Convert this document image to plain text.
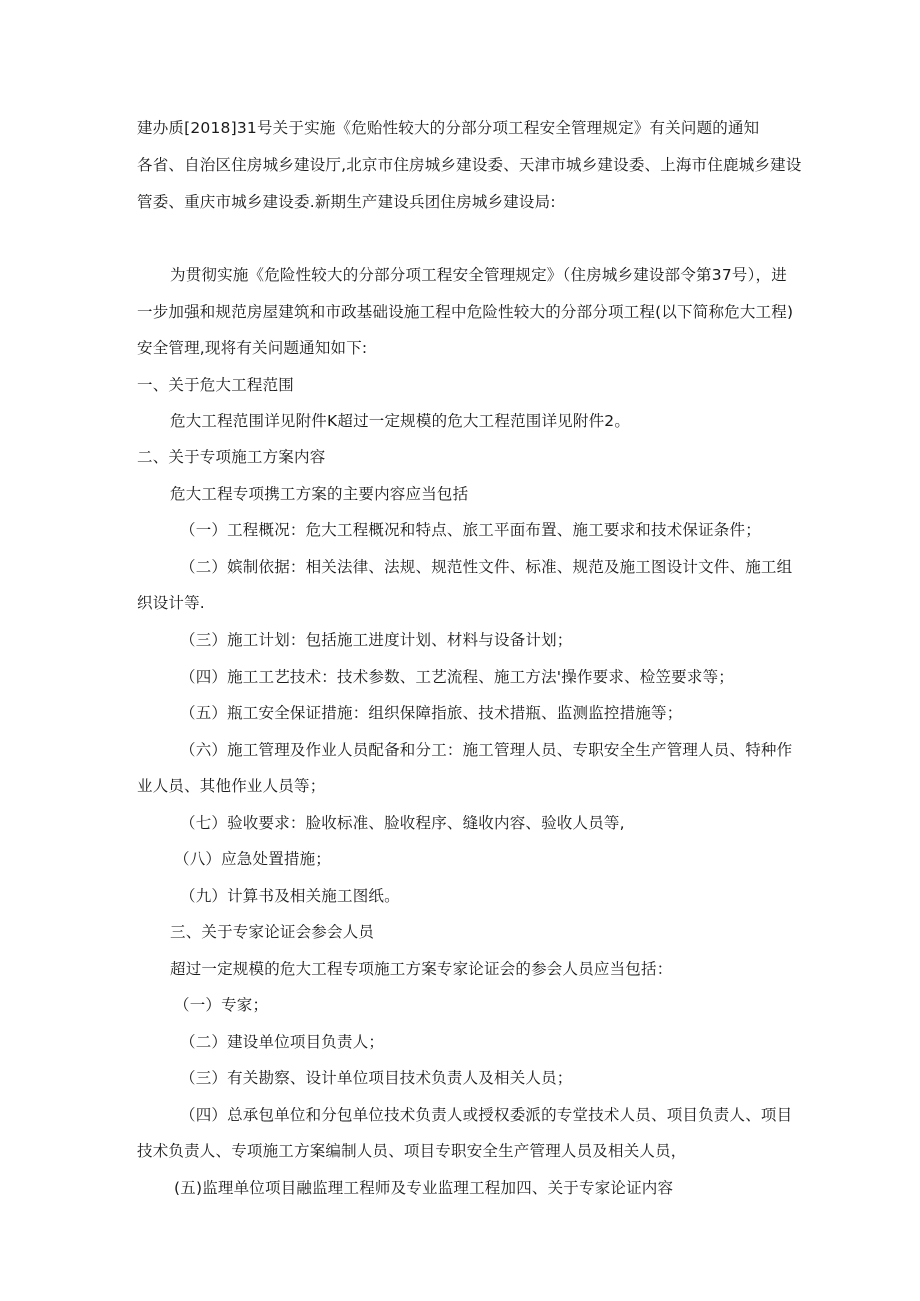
建办质[2018]31号关于实施《危贻性较大的分部分项工程安全管理规定》有关问题的通知
各省、自治区住房城乡建设厅,北京市住房城乡建设委、天津市城乡建设委、上海市住鹿城乡建设
管委、重庆市城乡建设委.新期生产建设兵团住房城乡建设局:
为贯彻实施《危险性较大的分部分项工程安全管理规定》（住房城乡建设部令第37号），进
一步加强和规范房屋建筑和市政基础设施工程中危险性较大的分部分项工程(以下简称危大工程)
安全管理,现将有关问题通知如下:
一、关于危大工程范围
危大工程范围详见附件K超过一定规模的危大工程范围详见附件2。
二、关于专项施工方案内容
危大工程专项携工方案的主要内容应当包括
（一）工程概况：危大工程概况和特点、旅工平面布置、施工要求和技术保证条件；
（二）嫔制依据：相关法律、法规、规范性文件、标准、规范及施工图设计文件、施工组
织设计等.
（三）施工计划：包括施工进度计划、材料与设备计划；
（四）施工工艺技术：技术参数、工艺流程、施工方法'操作要求、检笠要求等；
（五）瓶工安全保证措施：组织保障指旅、技术措瓶、监测监控措施等；
（六）施工管理及作业人员配备和分工：施工管理人员、专职安全生产管理人员、特种作
业人员、其他作业人员等；
（七）验收要求：脸收标准、脸收程序、缝收内容、验收人员等,
（八）应急处置措施；
（九）计算书及相关施工图纸。
三、关于专家论证会参会人员
超过一定规模的危大工程专项施工方案专家论证会的参会人员应当包括：
（一）专家；
（二）建设单位项目负责人；
（三）有关勘察、设计单位项目技术负责人及相关人员；
（四）总承包单位和分包单位技术负责人或授权委派的专堂技术人员、项目负责人、项目
技术负责人、专项施工方案编制人员、项目专职安全生产管理人员及相关人员，
(五)监理单位项目融监理工程师及专业监理工程加四、关于专家论证内容
